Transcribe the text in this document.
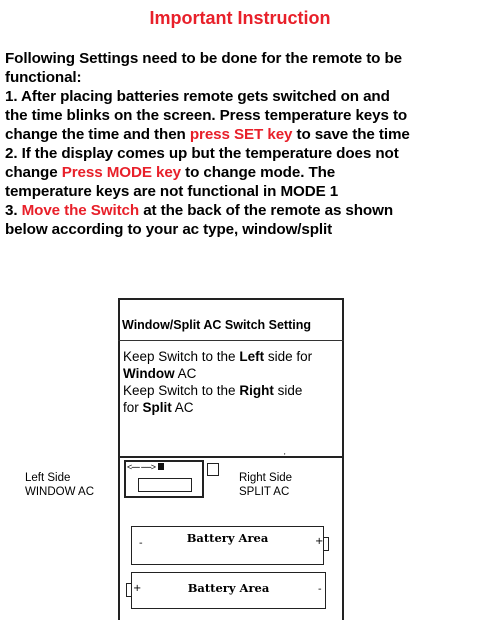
Important Instruction
Following Settings need to be done for the remote to be
functional:
1. After placing batteries remote gets switched on and
the time blinks on the screen. Press temperature keys to
change the time and then press SET key to save the time
2. If the display comes up but the temperature does not
change Press MODE key to change mode. The
temperature keys are not functional in MODE 1
3. Move the Switch at the back of the remote as shown
below according to your ac type, window/split
Window/Split AC Switch Setting
Keep Switch to the Left side for
Window AC
Keep Switch to the Right side
for Split AC
'
Left Side
WINDOW AC
Right Side
SPLIT AC
<---- ----->
Battery Area
-	+
Battery Area
+	-
